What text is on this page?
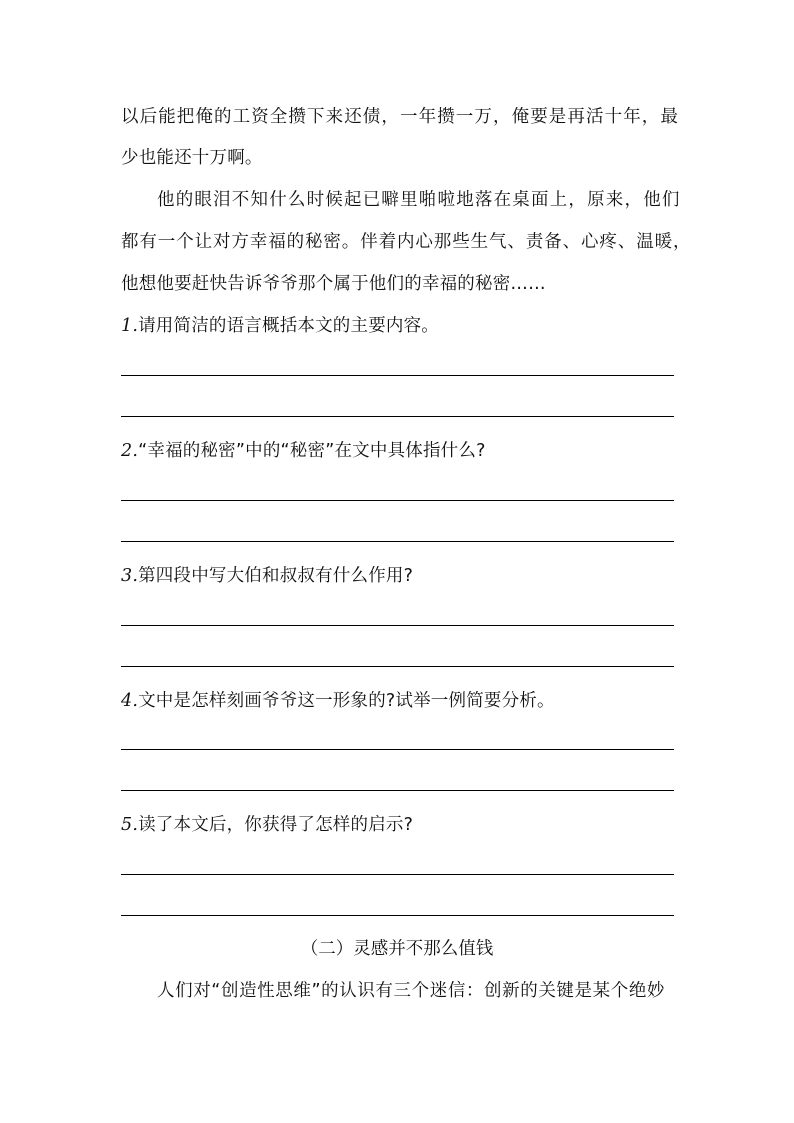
以后能把俺的工资全攒下来还债，一年攒一万，俺要是再活十年，最
少也能还十万啊。
他的眼泪不知什么时候起已噼里啪啦地落在桌面上，原来，他们
都有一个让对方幸福的秘密。伴着内心那些生气、责备、心疼、温暖，
他想他要赶快告诉爷爷那个属于他们的幸福的秘密……
1.请用简洁的语言概括本文的主要内容。
2.“幸福的秘密”中的“秘密”在文中具体指什么?
3.第四段中写大伯和叔叔有什么作用?
4.文中是怎样刻画爷爷这一形象的?试举一例简要分析。
5.读了本文后，你获得了怎样的启示?
（二）灵感并不那么值钱
人们对“创造性思维”的认识有三个迷信：创新的关键是某个绝妙
